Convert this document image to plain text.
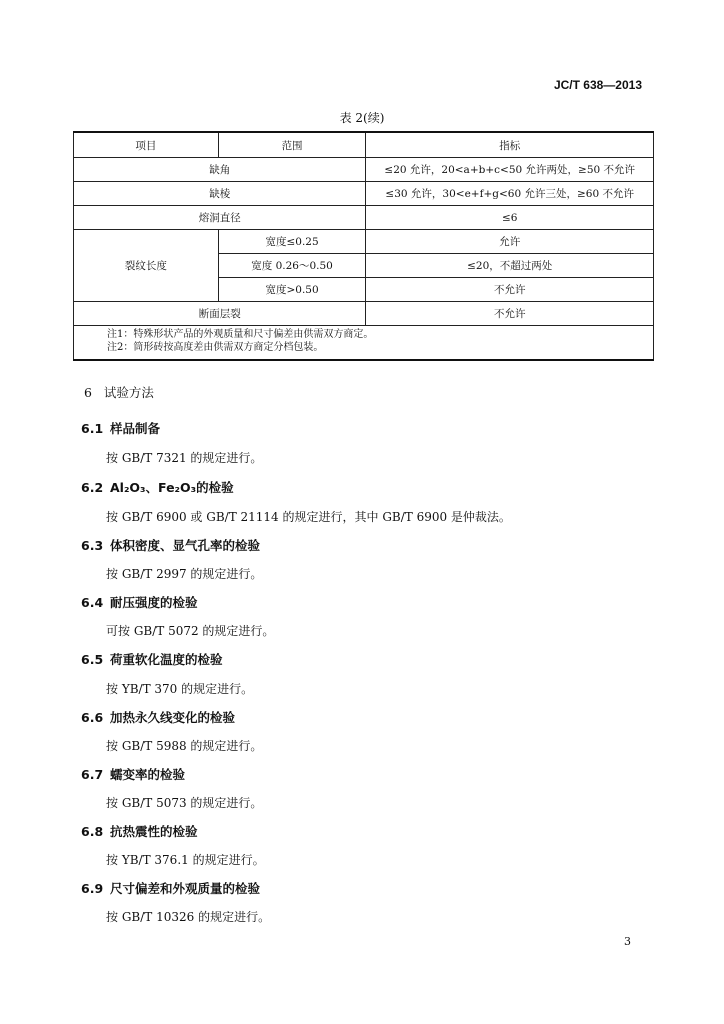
JC/T 638—2013
表 2(续)
项目	范围	指标
缺角		≤20 允许，20<a+b+c<50 允许两处，≥50 不允许
缺棱		≤30 允许，30<e+f+g<60 允许三处，≥60 不允许
熔洞直径		≤6
裂纹长度	宽度≤0.25	允许
	宽度 0.26～0.50	≤20，不超过两处
	宽度>0.50	不允许
断面层裂		不允许

注1：特殊形状产品的外观质量和尺寸偏差由供需双方商定。
注2：筒形砖按高度差由供需双方商定分档包装。		
6 试验方法
6.1 样品制备
按 GB/T 7321 的规定进行。
6.2 Al₂O₃、Fe₂O₃的检验
按 GB/T 6900 或 GB/T 21114 的规定进行，其中 GB/T 6900 是仲裁法。
6.3 体积密度、显气孔率的检验
按 GB/T 2997 的规定进行。
6.4 耐压强度的检验
可按 GB/T 5072 的规定进行。
6.5 荷重软化温度的检验
按 YB/T 370 的规定进行。
6.6 加热永久线变化的检验
按 GB/T 5988 的规定进行。
6.7 蠕变率的检验
按 GB/T 5073 的规定进行。
6.8 抗热震性的检验
按 YB/T 376.1 的规定进行。
6.9 尺寸偏差和外观质量的检验
按 GB/T 10326 的规定进行。
3
